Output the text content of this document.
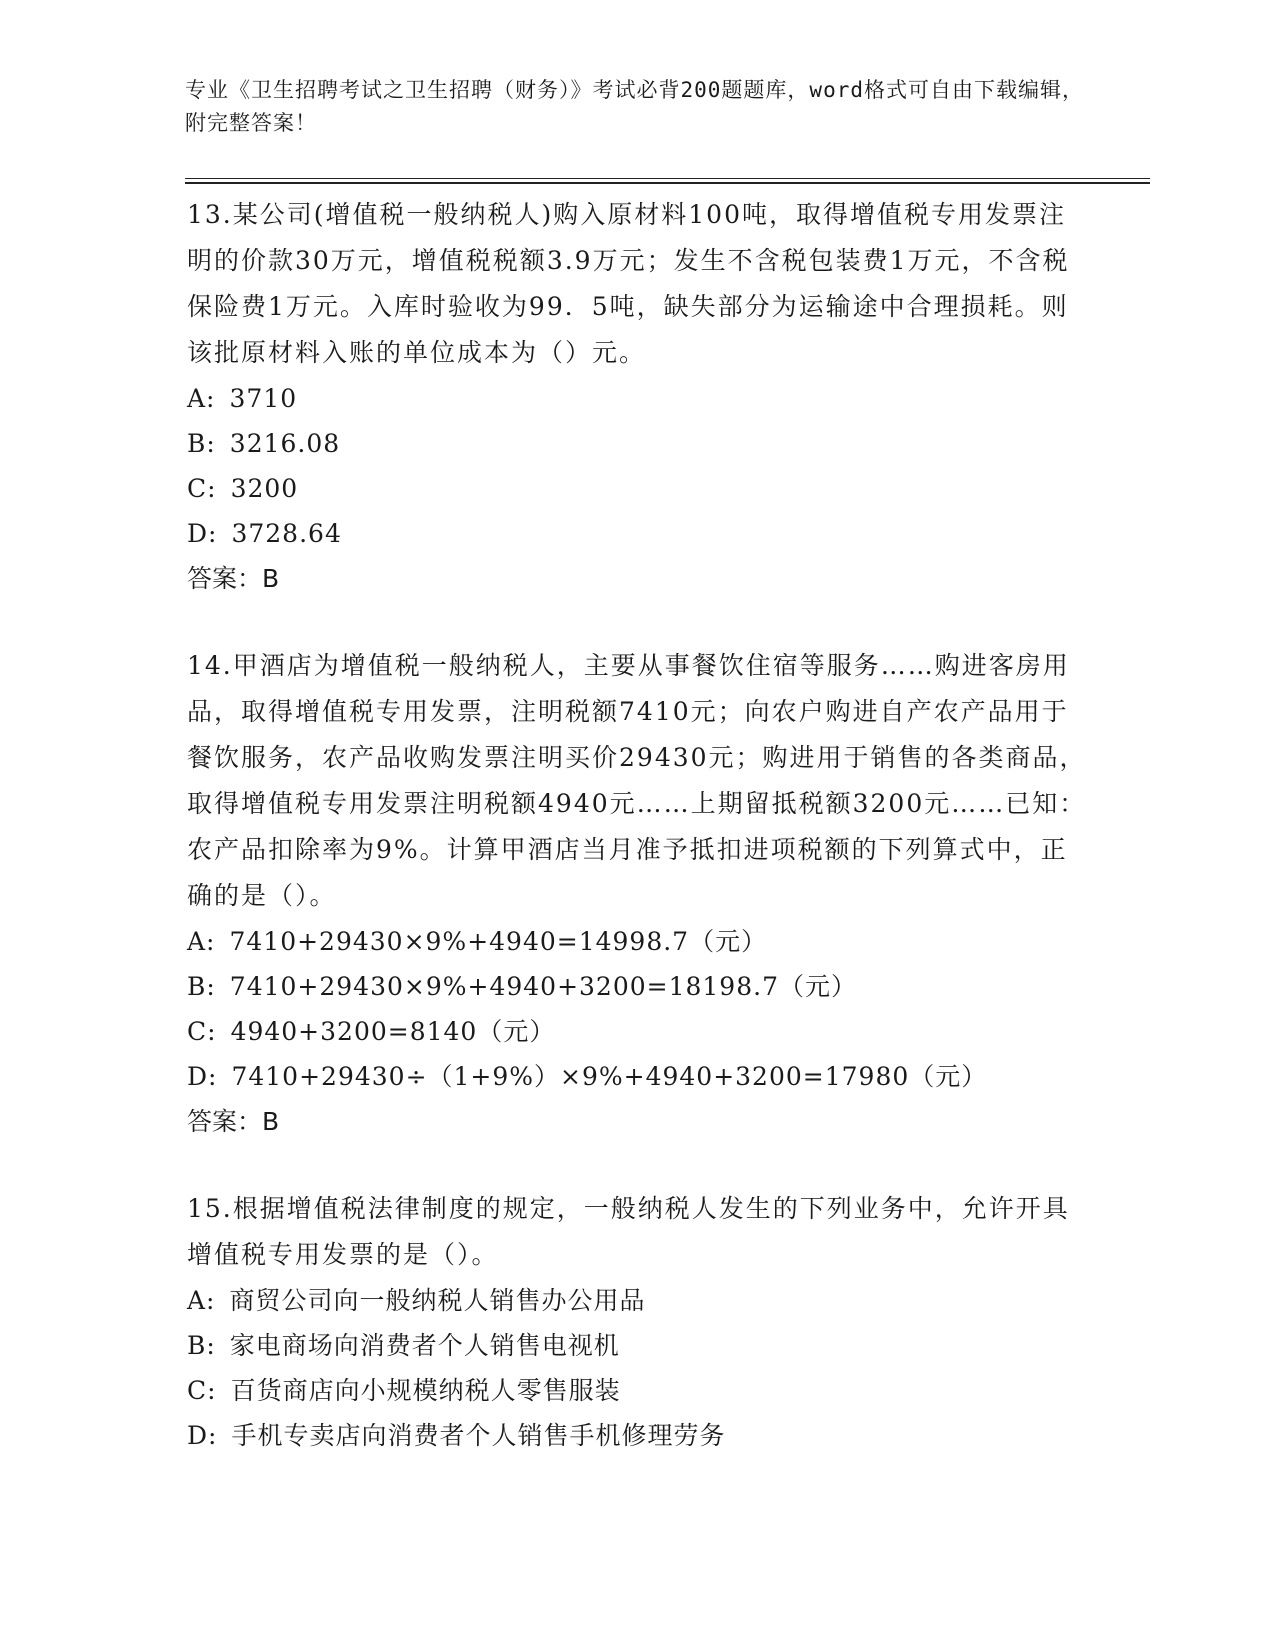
专业《卫生招聘考试之卫生招聘（财务）》考试必背200题题库，word格式可自由下载编辑，附完整答案！

13.某公司(增值税一般纳税人)购入原材料100吨，取得增值税专用发票注明的价款30万元，增值税税额3.9万元；发生不含税包装费1万元，不含税保险费1万元。入库时验收为99．5吨，缺失部分为运输途中合理损耗。则该批原材料入账的单位成本为（）元。

A: 3710

B: 3216.08

C: 3200

D: 3728.64

答案：B

14.甲酒店为增值税一般纳税人，主要从事餐饮住宿等服务……购进客房用品，取得增值税专用发票，注明税额7410元；向农户购进自产农产品用于餐饮服务，农产品收购发票注明买价29430元；购进用于销售的各类商品，取得增值税专用发票注明税额4940元……上期留抵税额3200元……已知：农产品扣除率为9%。计算甲酒店当月准予抵扣进项税额的下列算式中，正确的是（）。

A: 7410+29430×9%+4940=14998.7（元）

B: 7410+29430×9%+4940+3200=18198.7（元）

C: 4940+3200=8140（元）

D: 7410+29430÷（1+9%）×9%+4940+3200=17980（元）

答案：B

15.根据增值税法律制度的规定，一般纳税人发生的下列业务中，允许开具增值税专用发票的是（）。

A: 商贸公司向一般纳税人销售办公用品

B: 家电商场向消费者个人销售电视机

C: 百货商店向小规模纳税人零售服装

D: 手机专卖店向消费者个人销售手机修理劳务
